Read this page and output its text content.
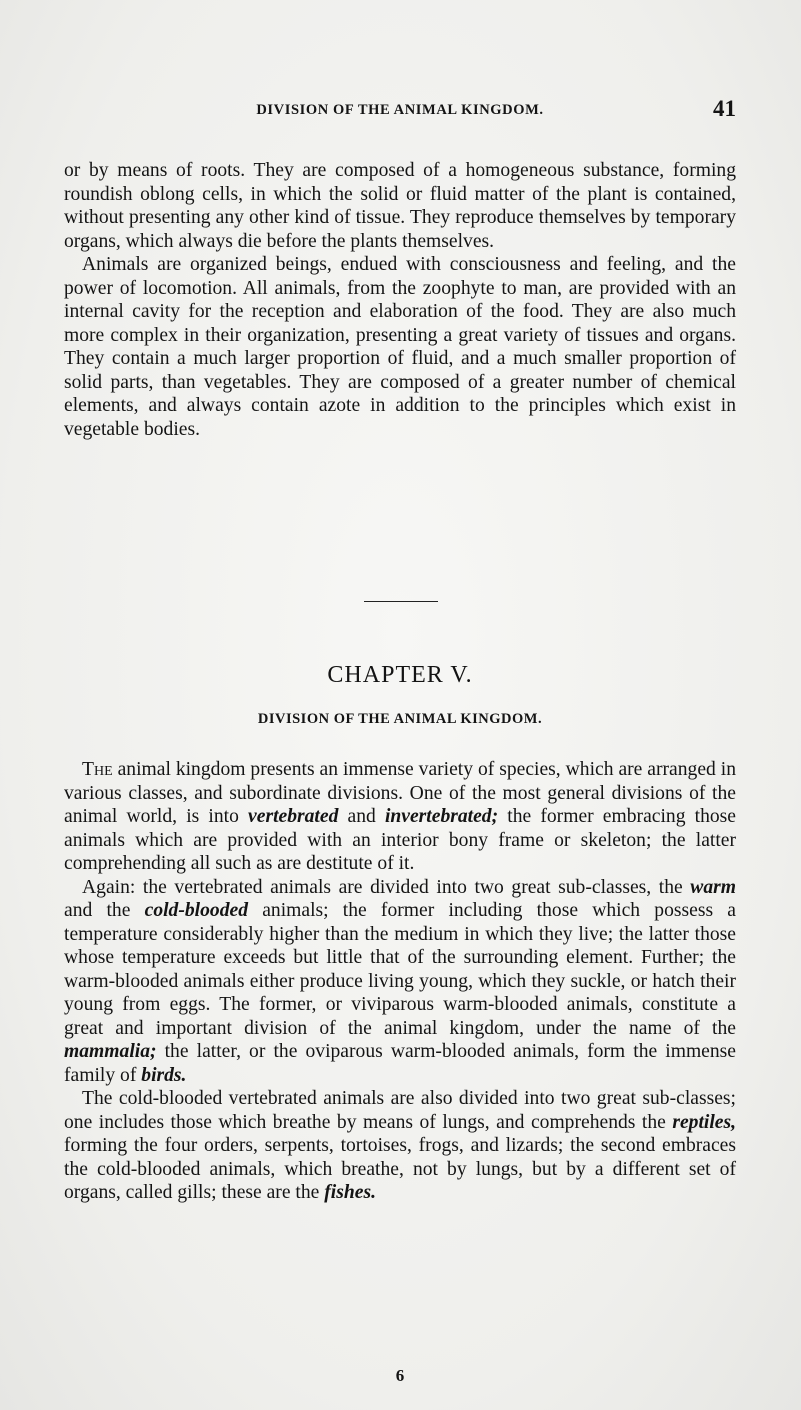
DIVISION OF THE ANIMAL KINGDOM.	41

or by means of roots. They are composed of a homogeneous substance, forming roundish oblong cells, in which the solid or fluid matter of the plant is contained, without presenting any other kind of tissue. They reproduce themselves by temporary organs, which always die before the plants themselves.

Animals are organized beings, endued with consciousness and feeling, and the power of locomotion. All animals, from the zoophyte to man, are provided with an internal cavity for the reception and elaboration of the food. They are also much more complex in their organization, presenting a great variety of tissues and organs. They contain a much larger proportion of fluid, and a much smaller proportion of solid parts, than vegetables. They are composed of a greater number of chemical elements, and always contain azote in addition to the principles which exist in vegetable bodies.

CHAPTER V.
DIVISION OF THE ANIMAL KINGDOM.

The animal kingdom presents an immense variety of species, which are arranged in various classes, and subordinate divisions. One of the most general divisions of the animal world, is into vertebrated and invertebrated; the former embracing those animals which are provided with an interior bony frame or skeleton; the latter comprehending all such as are destitute of it.

Again: the vertebrated animals are divided into two great sub-classes, the warm and the cold-blooded animals; the former including those which possess a temperature considerably higher than the medium in which they live; the latter those whose temperature exceeds but little that of the surrounding element. Further; the warm-blooded animals either produce living young, which they suckle, or hatch their young from eggs. The former, or viviparous warm-blooded animals, constitute a great and important division of the animal kingdom, under the name of the mammalia; the latter, or the oviparous warm-blooded animals, form the immense family of birds.

The cold-blooded vertebrated animals are also divided into two great sub-classes; one includes those which breathe by means of lungs, and comprehends the reptiles, forming the four orders, serpents, tortoises, frogs, and lizards; the second embraces the cold-blooded animals, which breathe, not by lungs, but by a different set of organs, called gills; these are the fishes.

6
